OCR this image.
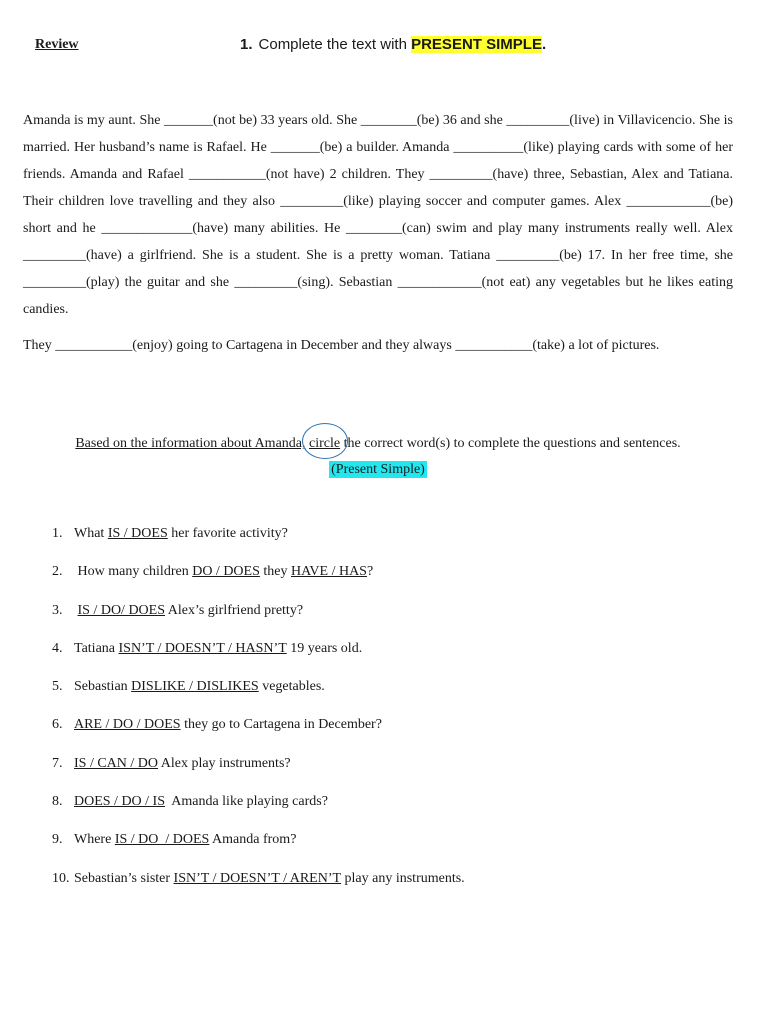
Review	1. Complete the text with PRESENT SIMPLE.

Amanda is my aunt. She _______(not be) 33 years old. She ________(be) 36 and she _________(live) in Villavicencio. She is married. Her husband’s name is Rafael. He _______(be) a builder. Amanda __________(like) playing cards with some of her friends. Amanda and Rafael ___________(not have) 2 children. They _________(have) three, Sebastian, Alex and Tatiana. Their children love travelling and they also _________(like) playing soccer and computer games. Alex ____________(be) short and he _____________(have) many abilities. He ________(can) swim and play many instruments really well. Alex _________(have) a girlfriend. She is a student. She is a pretty woman. Tatiana _________(be) 17. In her free time, she _________(play) the guitar and she _________(sing). Sebastian ____________(not eat) any vegetables but he likes eating candies.

They ___________(enjoy) going to Cartagena in December and they always ___________(take) a lot of pictures.

Based on the information about Amanda, circle the correct word(s) to complete the questions and sentences.
(Present Simple)
1. What IS / DOES her favorite activity?
2. How many children DO / DOES they HAVE / HAS ?
3.
	IS / DO/ DOES Alex’s girlfriend pretty?
4. Tatiana ISN’T / DOESN’T / HASN’T 19 years old.
5. Sebastian DISLIKE / DISLIKES vegetables.
6. ARE / DO / DOES they go to Cartagena in December?
7. IS / CAN / DO Alex play instruments?
8. DOES / DO / IS Amanda like playing cards?
9. Where IS / DO  / DOES Amanda from?
10. Sebastian’s sister ISN’T / DOESN’T / AREN’T play any instruments.
